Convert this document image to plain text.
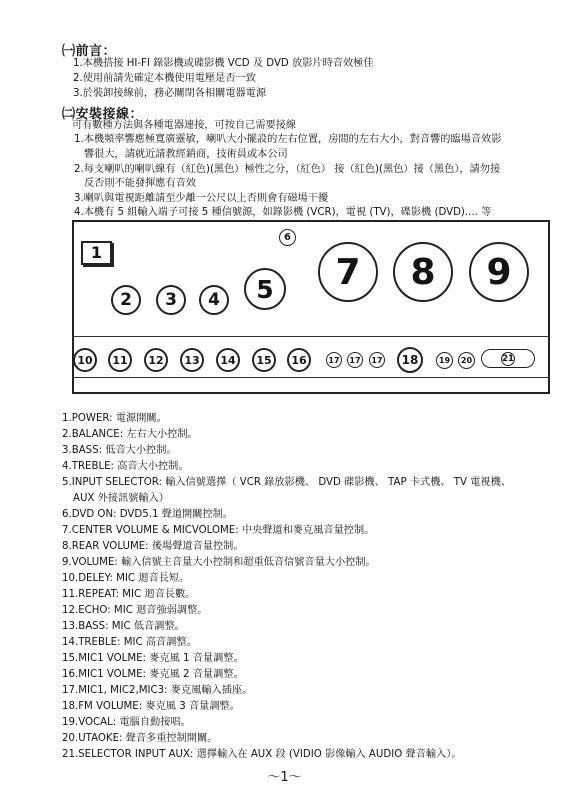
㈠前言：
1.本機搭接 HI-FI 錄影機或碟影機 VCD 及 DVD 放影片時音效極佳
2.使用前請先確定本機使用電壓是否一致
3.於裝卸接線前，務必關閉各相關電器電源
㈡安裝接線：
可有數種方法與各種電器連接，可按自己需要接線
1.本機頻率響應極寬廣靈敏，喇叭大小擺設的左右位置，房間的左右大小，對音響的臨場音效影
響很大，請就近請教經銷商，技術員或本公司
2.每支喇叭的喇叭線有（紅色)(黑色）極性之分，（紅色） 接（紅色)(黑色）接（黑色），請勿接
反否則不能發揮應有音效
3.喇叭與電視距離請至少離一公尺以上否則會有磁場干擾
4.本機有 5 組輸入端子可接 5 種信號源，如錄影機 (VCR)，電視 (TV)，碟影機 (DVD).... 等
1
2	3	4	5
6
7	8	9
10	11	12	13	14	15	16	17	17	17	18	19	20	21
1.POWER: 電源開關。
2.BALANCE: 左右大小控制。
3.BASS: 低音大小控制。
4.TREBLE: 高音大小控制。
5.INPUT SELECTOR: 輸入信號選擇（ VCR 錄放影機、 DVD 碟影機、 TAP 卡式機、 TV 電視機、
AUX 外接訊號輸入）
6.DVD ON: DVD5.1 聲道開關控制。
7.CENTER VOLUME & MICVOLOME: 中央聲道和麥克風音量控制。
8.REAR VOLUME: 後場聲道音量控制。
9.VOLUME: 輸入信號主音量大小控制和超重低音信號音量大小控制。
10.DELEY: MIC 迴音長短。
11.REPEAT: MIC 迴音長數。
12.ECHO: MIC 迴音強弱調整。
13.BASS: MIC 低音調整。
14.TREBLE: MIC 高音調整。
15.MIC1 VOLME: 麥克風 1 音量調整。
16.MIC1 VOLME: 麥克風 2 音量調整。
17.MIC1, MIC2,MIC3: 麥克風輸入插座。
18.FM VOLUME: 麥克風 3 音量調整。
19.VOCAL: 電腦自動接唱。
20.UTAOKE: 聲音多重控制開關。
21.SELECTOR INPUT AUX: 選擇輸入在 AUX 段 (VIDIO 影像輸入 AUDIO 聲音輸入）。
～1～
